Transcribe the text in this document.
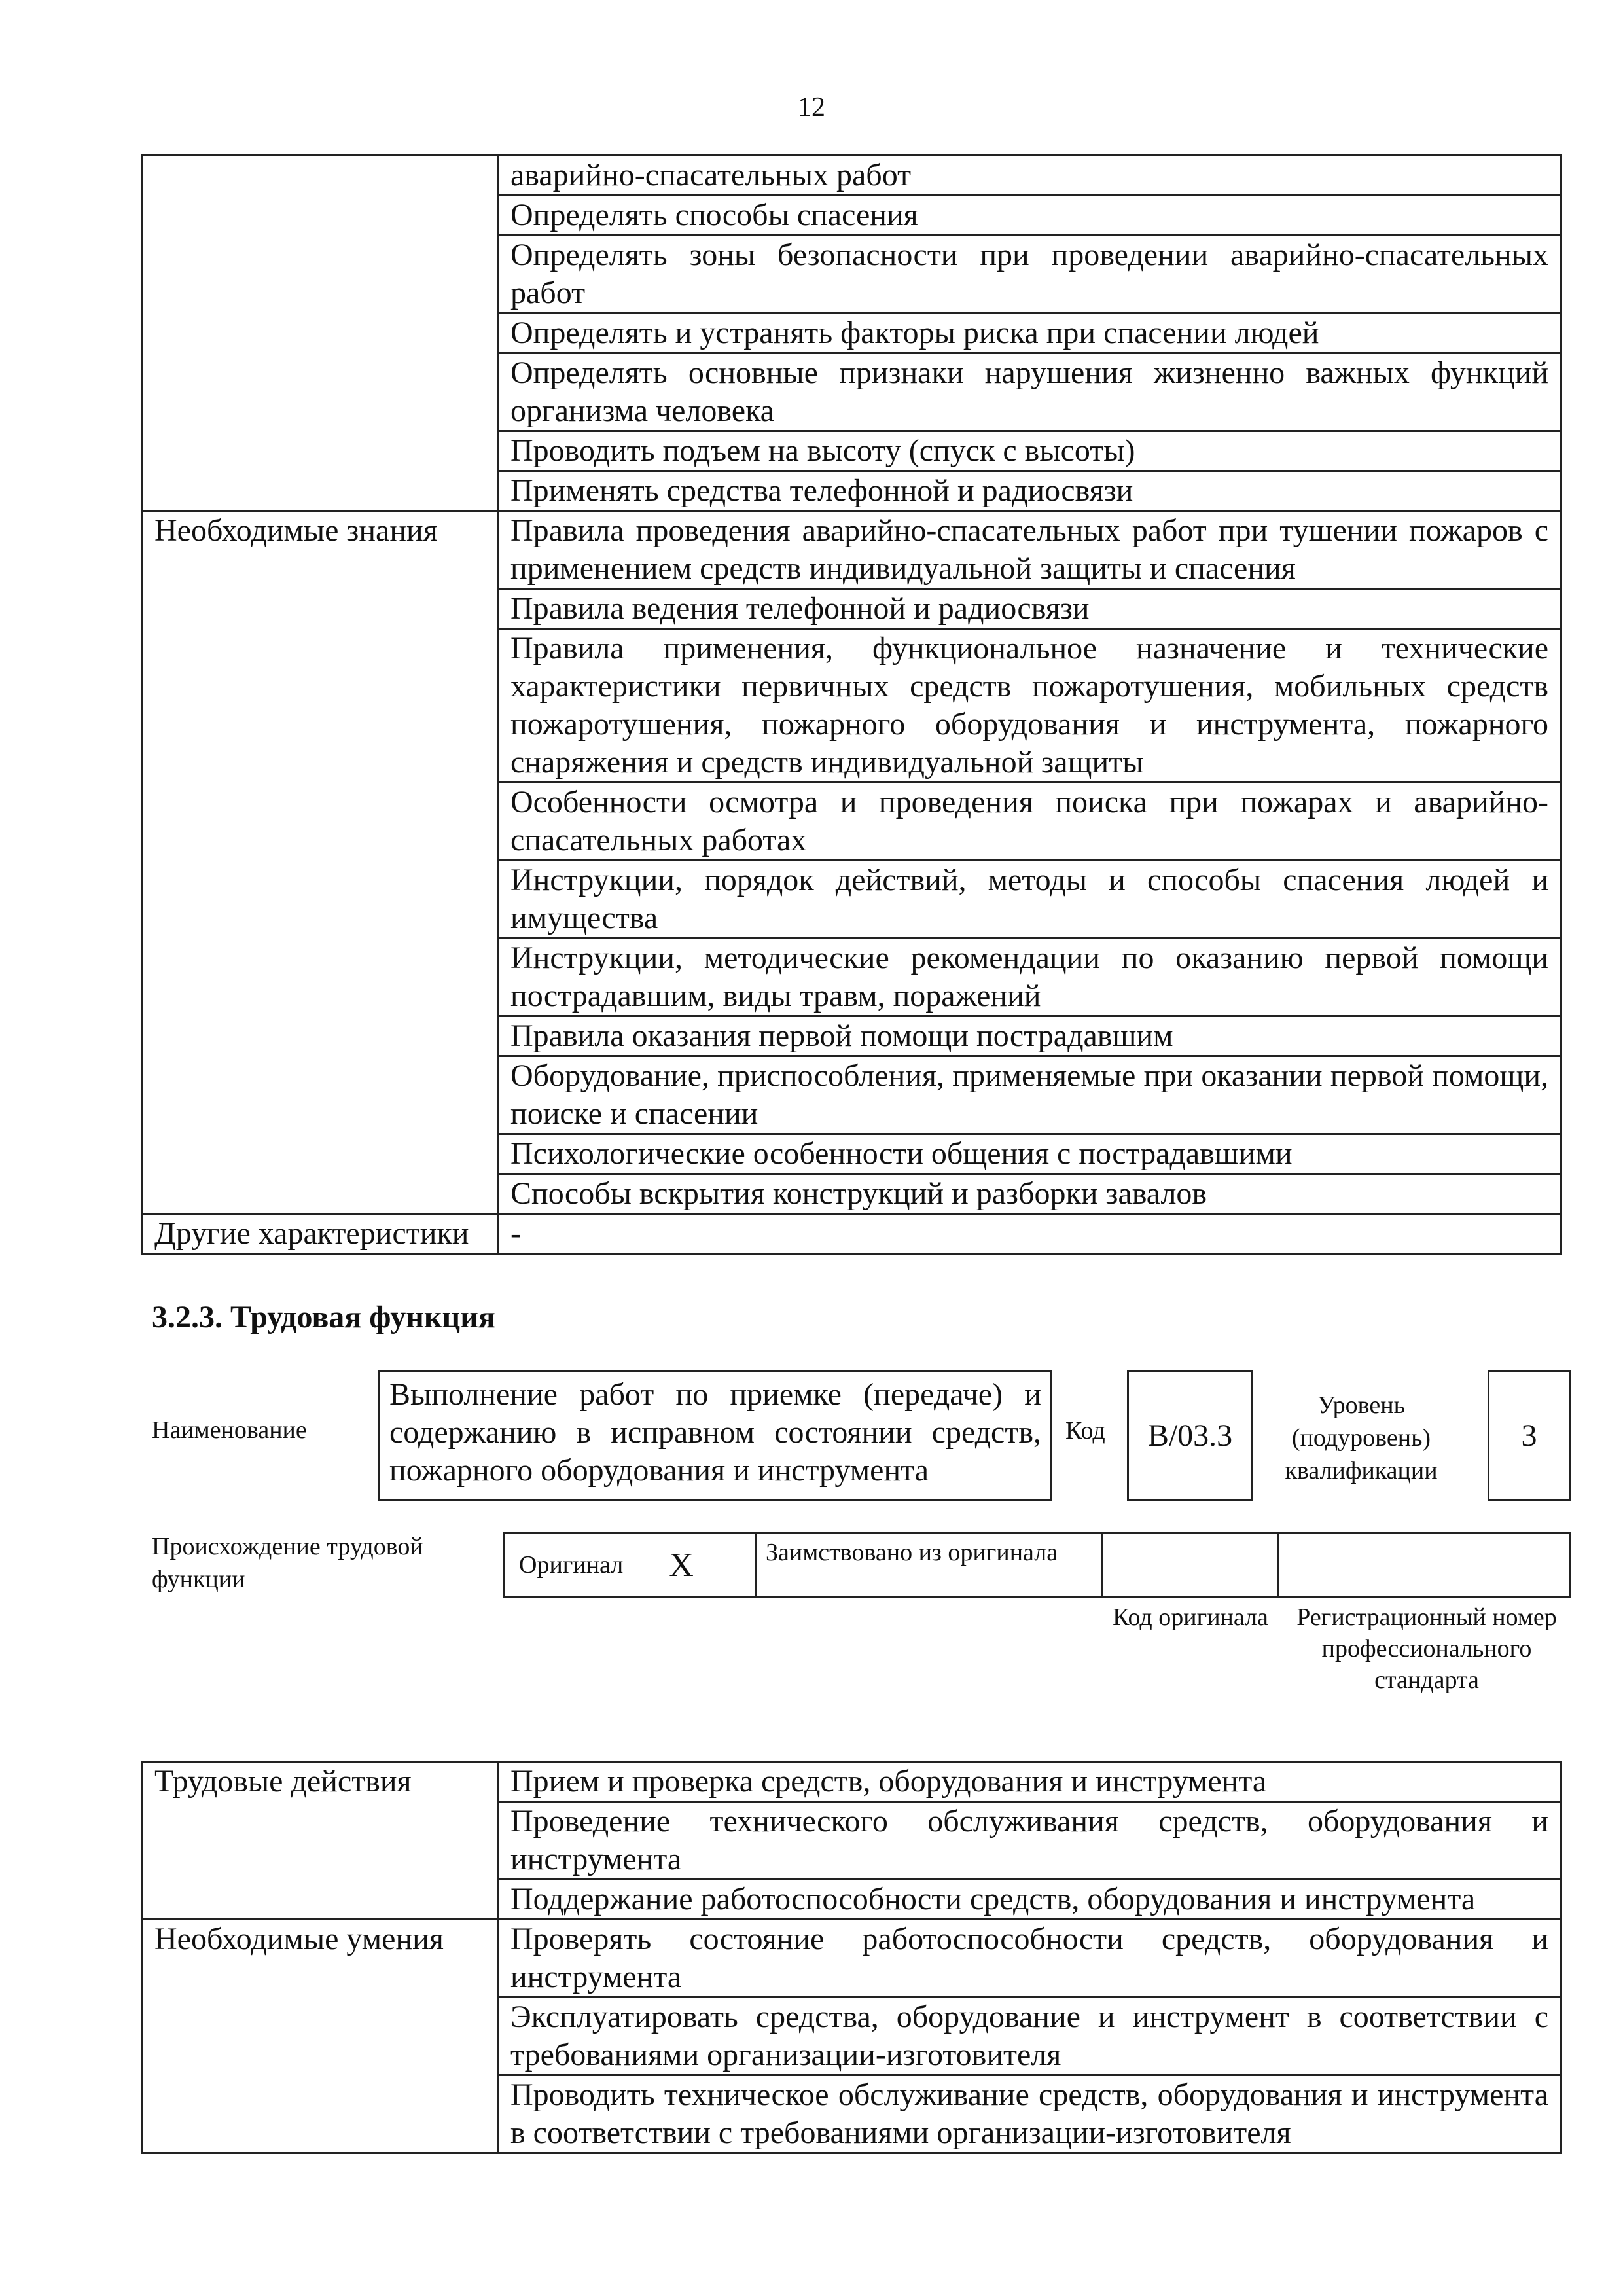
12
	аварийно-спасательных работ
	Определять способы спасения
	Определять зоны безопасности при проведении аварийно-спасательных работ
	Определять и устранять факторы риска при спасении людей
	Определять основные признаки нарушения жизненно важных функций организма человека
	Проводить подъем на высоту (спуск с высоты)
	Применять средства телефонной и радиосвязи
Необходимые знания	Правила проведения аварийно-спасательных работ при тушении пожаров с применением средств индивидуальной защиты и спасения
	Правила ведения телефонной и радиосвязи
	Правила применения, функциональное назначение и технические характеристики первичных средств пожаротушения, мобильных средств пожаротушения, пожарного оборудования и инструмента, пожарного снаряжения и средств индивидуальной защиты
	Особенности осмотра и проведения поиска при пожарах и аварийно-спасательных работах
	Инструкции, порядок действий, методы и способы спасения людей и имущества
	Инструкции, методические рекомендации по оказанию первой помощи пострадавшим, виды травм, поражений
	Правила оказания первой помощи пострадавшим
	Оборудование, приспособления, применяемые при оказании первой помощи, поиске и спасении
	Психологические особенности общения с пострадавшими
	Способы вскрытия конструкций и разборки завалов
Другие характеристики	-
3.2.3. Трудовая функция
Наименование
Выполнение работ по приемке (передаче) и содержанию в исправном состоянии средств, пожарного оборудования и инструмента
Код B/03.3
Уровень (подуровень) квалификации
3
Происхождение трудовой функции
Оригинал X	Заимствовано из оригинала
Код оригинала	Регистрационный номер профессионального стандарта
Трудовые действия	Прием и проверка средств, оборудования и инструмента
	Проведение технического обслуживания средств, оборудования и инструмента
	Поддержание работоспособности средств, оборудования и инструмента
Необходимые умения	Проверять состояние работоспособности средств, оборудования и инструмента
	Эксплуатировать средства, оборудование и инструмент в соответствии с требованиями организации-изготовителя
	Проводить техническое обслуживание средств, оборудования и инструмента в соответствии с требованиями организации-изготовителя
